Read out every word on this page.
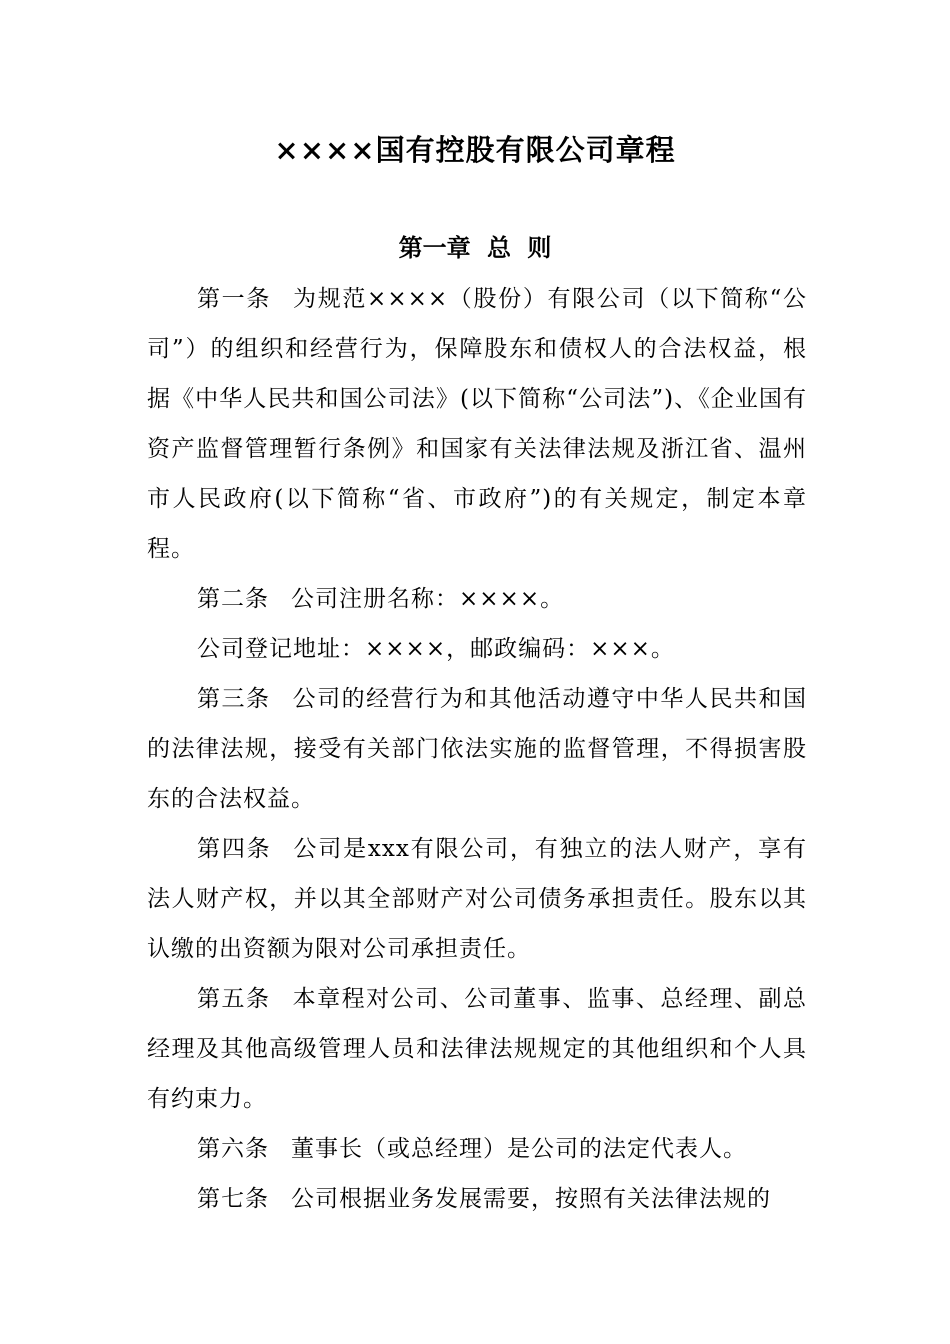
××××国有控股有限公司章程
第一章 总 则

第一条 为规范××××（股份）有限公司（以下简称“公司”）的组织和经营行为，保障股东和债权人的合法权益，根据《中华人民共和国公司法》(以下简称“公司法”)、《企业国有资产监督管理暂行条例》和国家有关法律法规及浙江省、温州市人民政府(以下简称“省、市政府”)的有关规定，制定本章程。

第二条 公司注册名称：××××。

公司登记地址：××××，邮政编码：×××。

第三条 公司的经营行为和其他活动遵守中华人民共和国的法律法规，接受有关部门依法实施的监督管理，不得损害股东的合法权益。

第四条 公司是xxx有限公司，有独立的法人财产，享有法人财产权，并以其全部财产对公司债务承担责任。股东以其认缴的出资额为限对公司承担责任。

第五条 本章程对公司、公司董事、监事、总经理、副总经理及其他高级管理人员和法律法规规定的其他组织和个人具有约束力。

第六条 董事长（或总经理）是公司的法定代表人。

第七条 公司根据业务发展需要，按照有关法律法规的
